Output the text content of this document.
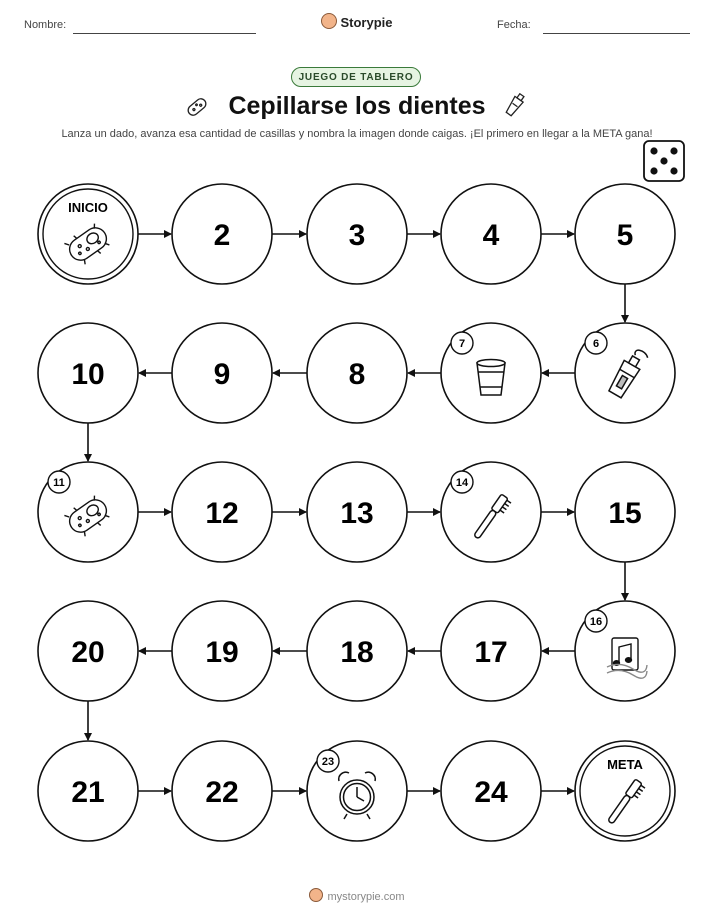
Nombre:	Storypie	Fecha:
JUEGO DE TABLERO
Cepillarse los dientes
Lanza un dado, avanza esa cantidad de casillas y nombra la imagen donde caigas. ¡El primero en llegar a la META gana!
INICIO
2	3	4	5
6
7
8
9
10
11
12	13
14
15
16
17
18
19
20
21	22
23
24
META
mystorypie.com
